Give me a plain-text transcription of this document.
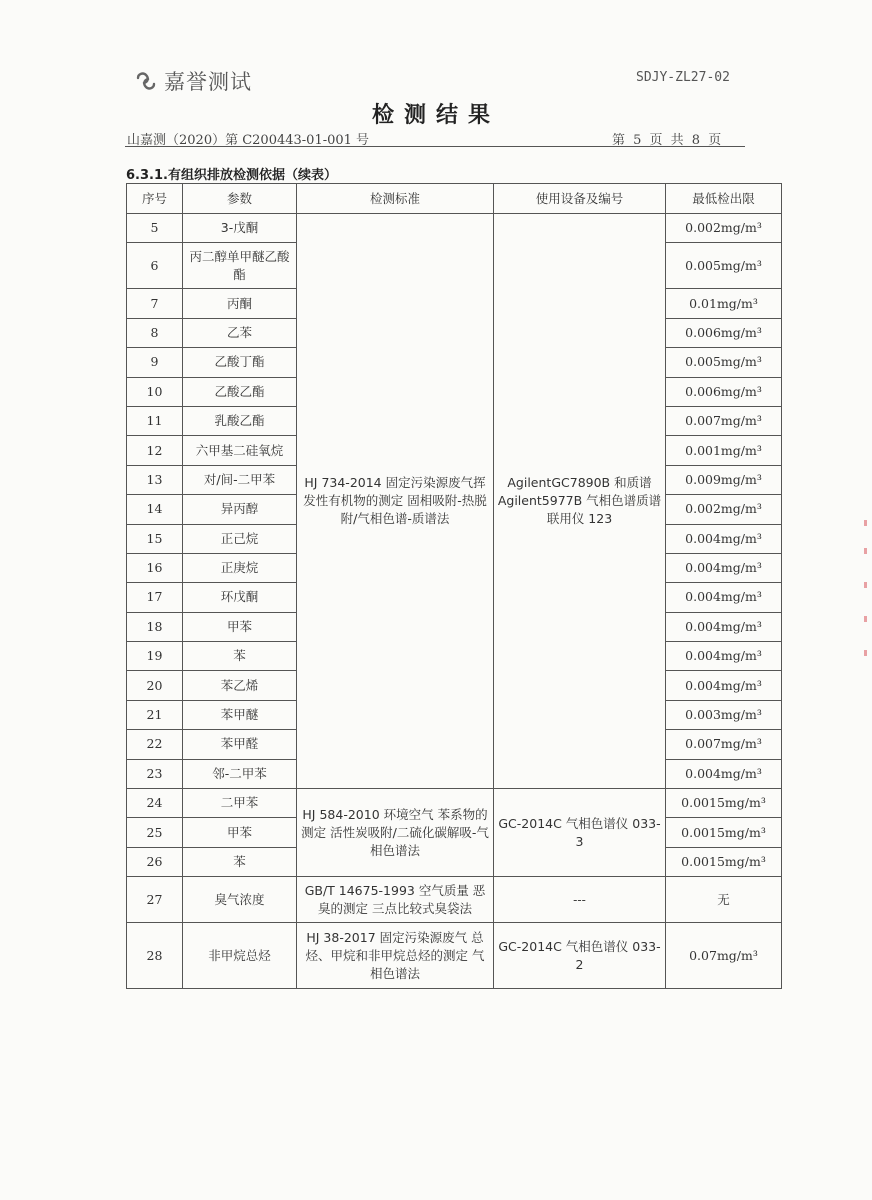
嘉誉测试	SDJY-ZL27-02
检测结果
山嘉测（2020）第 C200443-01-001 号	第 5 页 共 8 页
6.3.1.有组织排放检测依据（续表）
序号	参数	检测标准	使用设备及编号	最低检出限
5	3-戊酮	HJ 734-2014 固定污染源废气挥发性有机物的测定 固相吸附-热脱附/气相色谱-质谱法	AgilentGC7890B 和质谱 Agilent5977B 气相色谱质谱联用仪 123	0.002mg/m³
6	丙二醇单甲醚乙酸酯			0.005mg/m³
7	丙酮			0.01mg/m³
8	乙苯			0.006mg/m³
9	乙酸丁酯			0.005mg/m³
10	乙酸乙酯			0.006mg/m³
11	乳酸乙酯			0.007mg/m³
12	六甲基二硅氧烷			0.001mg/m³
13	对/间-二甲苯			0.009mg/m³
14	异丙醇			0.002mg/m³
15	正己烷			0.004mg/m³
16	正庚烷			0.004mg/m³
17	环戊酮			0.004mg/m³
18	甲苯			0.004mg/m³
19	苯			0.004mg/m³
20	苯乙烯			0.004mg/m³
21	苯甲醚			0.003mg/m³
22	苯甲醛			0.007mg/m³
23	邻-二甲苯			0.004mg/m³
24	二甲苯	HJ 584-2010 环境空气 苯系物的测定 活性炭吸附/二硫化碳解吸-气相色谱法	GC-2014C 气相色谱仪 033-3	0.0015mg/m³
25	甲苯			0.0015mg/m³
26	苯			0.0015mg/m³
27	臭气浓度	GB/T 14675-1993 空气质量 恶臭的测定 三点比较式臭袋法	---	无
28	非甲烷总烃	HJ 38-2017 固定污染源废气 总烃、甲烷和非甲烷总烃的测定 气相色谱法	GC-2014C 气相色谱仪 033-2	0.07mg/m³
